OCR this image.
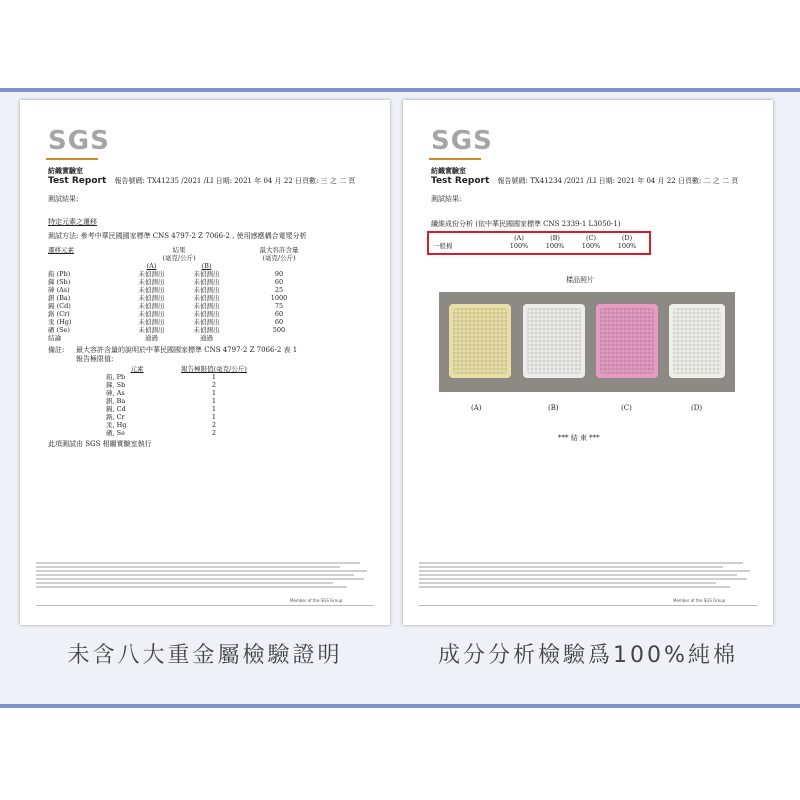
SGS
紡織實驗室
Test Report 報告號碼: TX41235 /2021 /LI 日期: 2021 年 04 月 22 日頁數: 三 之 二 頁
測試結果:
特定元素之遷移
測試方法: 參考中華民國國家標準 CNS 4797-2 Z 7066-2 , 使用感應耦合電漿分析
遷移元素	結果	最大容許含量
(毫克/公斤)	(毫克/公斤)
(A)	(B)
鉛 (Pb)	未偵測出	未偵測出	90
銻 (Sb)	未偵測出	未偵測出	60
砷 (As)	未偵測出	未偵測出	25
鋇 (Ba)	未偵測出	未偵測出	1000
鎘 (Cd)	未偵測出	未偵測出	75
鉻 (Cr)	未偵測出	未偵測出	60
汞 (Hg)	未偵測出	未偵測出	60
硒 (Se)	未偵測出	未偵測出	500
結論	通過	通過
備註: 最大容許含量的說明於中華民國國家標準 CNS 4797-2 Z 7066-2 表 1
報告極限值:
元素	報告極限值(毫克/公斤)
鉛, Pb	1
銻, Sb	2
砷, As	1
鋇, Ba	1
鎘, Cd	1
鉻, Cr	1
汞, Hg	2
硒, Se	2
此項測試由 SGS 相關實驗室執行
Member of the SGS Group
SGS
紡織實驗室
Test Report 報告號碼: TX41234 /2021 /LI 日期: 2021 年 04 月 22 日頁數: 二 之 二 頁
測試結果:
纖維成份分析 (依中華民國國家標準 CNS 2339-1 L3050-1)
(A)	(B)	(C)	(D)
一般棉	100%	100%	100%	100%
樣品照片
(A)	(B)	(C)	(D)
*** 結 束 ***
Member of the SGS Group
未含八大重金屬檢驗證明	成分分析檢驗爲100%純棉
